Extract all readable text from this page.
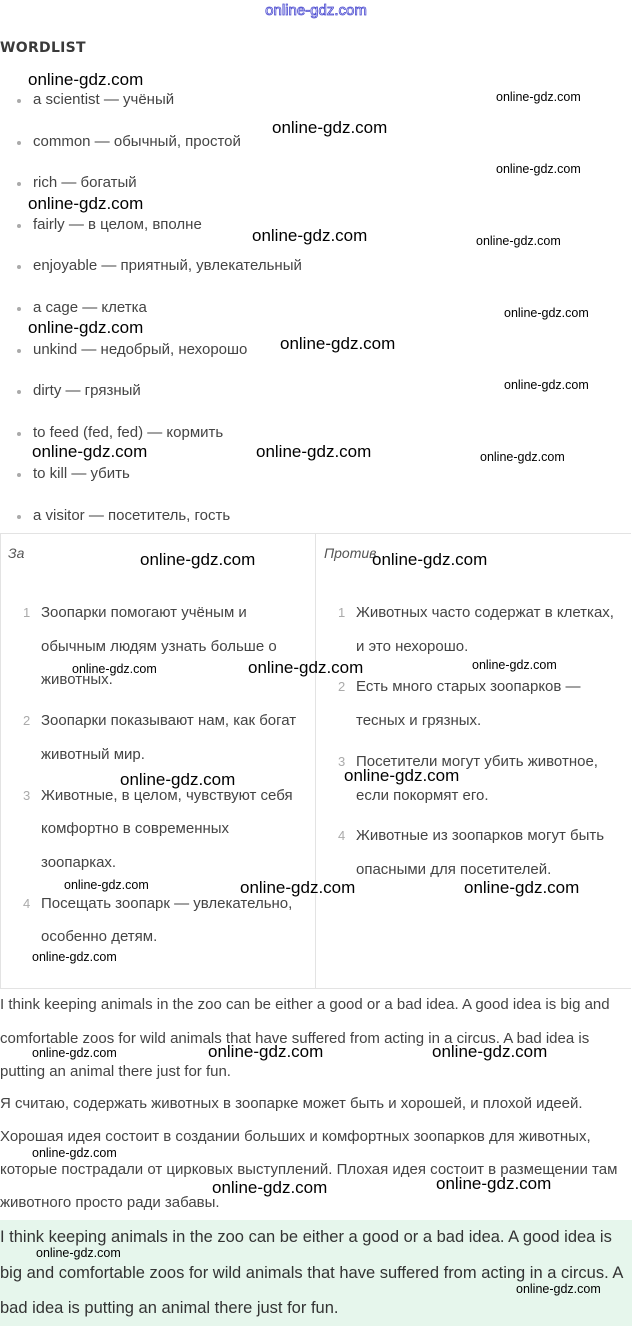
online-gdz.com
WORDLIST
a scientist — учёный
common — обычный, простой
rich — богатый
fairly — в целом, вполне
enjoyable — приятный, увлекательный
a cage — клетка
unkind — недобрый, нехорошо
dirty — грязный
to feed (fed, fed) — кормить
to kill — убить
a visitor — посетитель, гость
За
1 Зоопарки помогают учёным и обычным людям узнать больше о животных.
2 Зоопарки показывают нам, как богат животный мир.
3 Животные, в целом, чувствуют себя комфортно в современных зоопарках.
4 Посещать зоопарк — увлекательно, особенно детям.
Против
1 Животных часто содержат в клетках, и это нехорошо.
2 Есть много старых зоопарков — тесных и грязных.
3 Посетители могут убить животное, если покормят его.
4 Животные из зоопарков могут быть опасными для посетителей.

I think keeping animals in the zoo can be either a good or a bad idea. A good idea is big and comfortable zoos for wild animals that have suffered from acting in a circus. A bad idea is putting an animal there just for fun.

Я считаю, содержать животных в зоопарке может быть и хорошей, и плохой идеей. Хорошая идея состоит в создании больших и комфортных зоопарков для животных, которые пострадали от цирковых выступлений. Плохая идея состоит в размещении там животного просто ради забавы.

I think keeping animals in the zoo can be either a good or a bad idea. A good idea is big and comfortable zoos for wild animals that have suffered from acting in a circus. A bad idea is putting an animal there just for fun.

online-gdz.com
online-gdz.com
online-gdz.com
online-gdz.com
online-gdz.com
online-gdz.com	online-gdz.com
online-gdz.com
online-gdz.com
online-gdz.com
online-gdz.com
online-gdz.com	online-gdz.com	online-gdz.com
online-gdz.com	online-gdz.com
online-gdz.com	online-gdz.com	online-gdz.com
online-gdz.com	online-gdz.com
online-gdz.com	online-gdz.com	online-gdz.com
online-gdz.com
online-gdz.com	online-gdz.com	online-gdz.com
online-gdz.com
online-gdz.com	online-gdz.com
online-gdz.com
online-gdz.com
